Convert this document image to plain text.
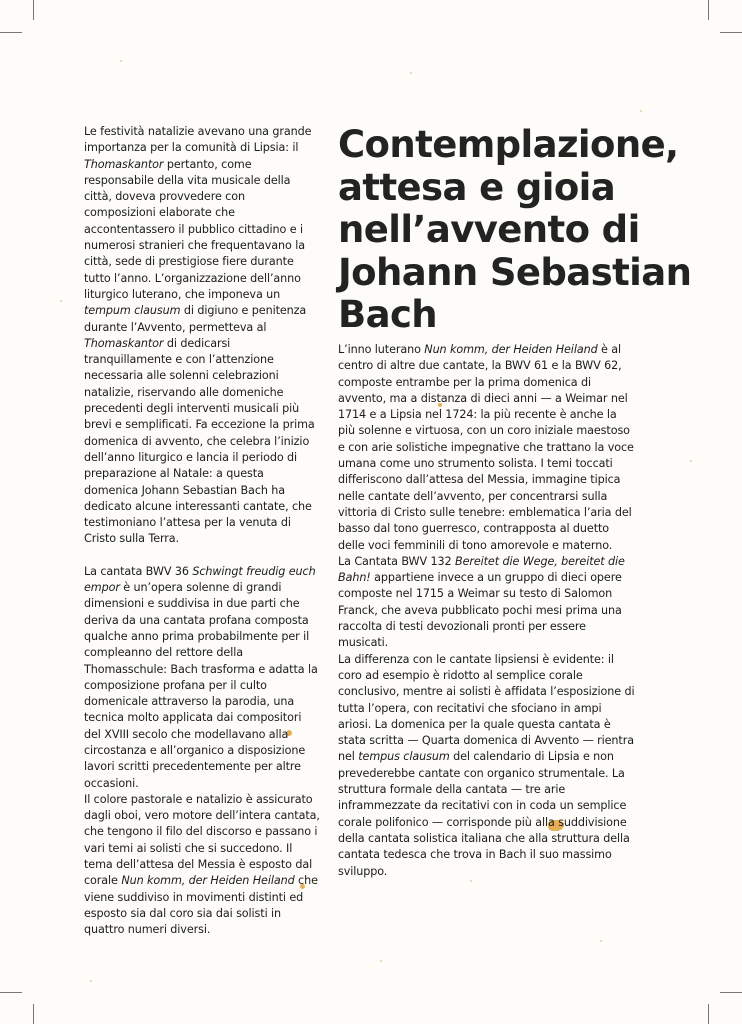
Le festività natalizie avevano una grande importanza per la comunità di Lipsia: il Thomaskantor pertanto, come responsabile della vita musicale della città, doveva provvedere con composizioni elaborate che accontentassero il pubblico cittadino e i numerosi stranieri che frequentavano la città, sede di prestigiose fiere durante tutto l’anno. L’organizzazione dell’anno liturgico luterano, che imponeva un tempum clausum di digiuno e penitenza durante l’Avvento, permetteva al Thomaskantor di dedicarsi tranquillamente e con l’attenzione necessaria alle solenni celebrazioni natalizie, riservando alle domeniche precedenti degli interventi musicali più brevi e semplificati. Fa eccezione la prima domenica di avvento, che celebra l’inizio dell’anno liturgico e lancia il periodo di preparazione al Natale: a questa domenica Johann Sebastian Bach ha dedicato alcune interessanti cantate, che testimoniano l’attesa per la venuta di Cristo sulla Terra.

La cantata BWV 36 Schwingt freudig euch empor è un’opera solenne di grandi dimensioni e suddivisa in due parti che deriva da una cantata profana composta qualche anno prima probabilmente per il compleanno del rettore della Thomasschule: Bach trasforma e adatta la composizione profana per il culto domenicale attraverso la parodia, una tecnica molto applicata dai compositori del XVIII secolo che modellavano alla circostanza e all’organico a disposizione lavori scritti precedentemente per altre occasioni.

Il colore pastorale e natalizio è assicurato dagli oboi, vero motore dell’intera cantata, che tengono il filo del discorso e passano i vari temi ai solisti che si succedono. Il tema dell’attesa del Messia è esposto dal corale Nun komm, der Heiden Heiland che viene suddiviso in movimenti distinti ed esposto sia dal coro sia dai solisti in quattro numeri diversi.

Contemplazione, attesa e gioia nell’avvento di Johann Sebastian Bach

L’inno luterano Nun komm, der Heiden Heiland è al centro di altre due cantate, la BWV 61 e la BWV 62, composte entrambe per la prima domenica di avvento, ma a distanza di dieci anni — a Weimar nel 1714 e a Lipsia nel 1724: la più recente è anche la più solenne e virtuosa, con un coro iniziale maestoso e con arie solistiche impegnative che trattano la voce umana come uno strumento solista. I temi toccati differiscono dall’attesa del Messia, immagine tipica nelle cantate dell’avvento, per concentrarsi sulla vittoria di Cristo sulle tenebre: emblematica l’aria del basso dal tono guerresco, contrapposta al duetto delle voci femminili di tono amorevole e materno.

La Cantata BWV 132 Bereitet die Wege, bereitet die Bahn! appartiene invece a un gruppo di dieci opere composte nel 1715 a Weimar su testo di Salomon Franck, che aveva pubblicato pochi mesi prima una raccolta di testi devozionali pronti per essere musicati.

La differenza con le cantate lipsiensi è evidente: il coro ad esempio è ridotto al semplice corale conclusivo, mentre ai solisti è affidata l’esposizione di tutta l’opera, con recitativi che sfociano in ampi ariosi. La domenica per la quale questa cantata è stata scritta — Quarta domenica di Avvento — rientra nel tempus clausum del calendario di Lipsia e non prevederebbe cantate con organico strumentale. La struttura formale della cantata — tre arie inframmezzate da recitativi con in coda un semplice corale polifonico — corrisponde più alla suddivisione della cantata solistica italiana che alla struttura della cantata tedesca che trova in Bach il suo massimo sviluppo.
